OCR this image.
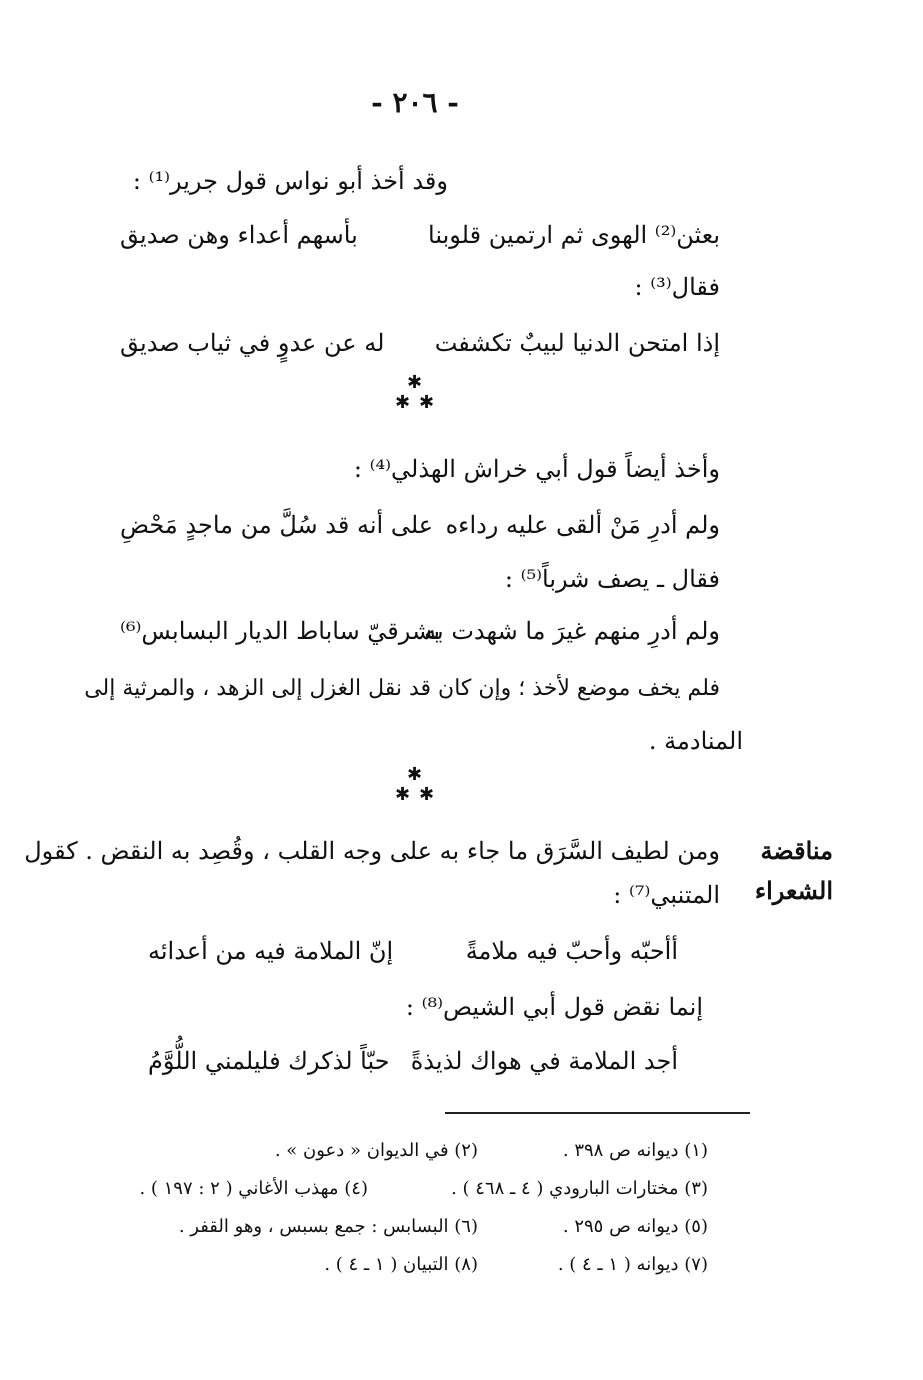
- ٢٠٦ -
وقد أخذ أبو نواس قول جرير⁽¹⁾ :
بعثن⁽²⁾ الهوى ثم ارتمين قلوبنا
بأسهم أعداء وهن صديق
فقال⁽³⁾ :
إذا امتحن الدنيا لبيبٌ تكشفت
له عن عدوٍ في ثياب صديق
✱
✱ ✱
وأخذ أيضاً قول أبي خراش الهذلي⁽⁴⁾ :
ولم أدرِ مَنْ ألقى عليه رداءه
على أنه قد سُلَّ من ماجدٍ مَحْضِ
فقال ـ يصف شرباً⁽⁵⁾ :
ولم أدرِ منهم غيرَ ما شهدت به
بشرقيّ ساباط الديار البسابس⁽⁶⁾
فلم يخف موضع لأخذ ؛ وإن كان قد نقل الغزل إلى الزهد ، والمرثية إلى
المنادمة .
✱
✱ ✱
مناقضة
الشعراء
ومن لطيف السَّرَق ما جاء به على وجه القلب ، وقُصِد به النقض . كقول
المتنبي⁽⁷⁾ :
أأحبّه وأحبّ فيه ملامةً
إنّ الملامة فيه من أعدائه
إنما نقض قول أبي الشيص⁽⁸⁾ :
أجد الملامة في هواك لذيذةً
حبّاً لذكرك فليلمني اللُّوَّمُ
(١) ديوانه ص ٣٩٨ .
(٢) في الديوان « دعون » .
(٣) مختارات البارودي ( ٤ ـ ٤٦٨ ) .
(٤) مهذب الأغاني ( ٢ : ١٩٧ ) .
(٥) ديوانه ص ٢٩٥ .
(٦) البسابس : جمع بسبس ، وهو القفر .
(٧) ديوانه ( ١ ـ ٤ ) .
(٨) التبيان ( ١ ـ ٤ ) .
